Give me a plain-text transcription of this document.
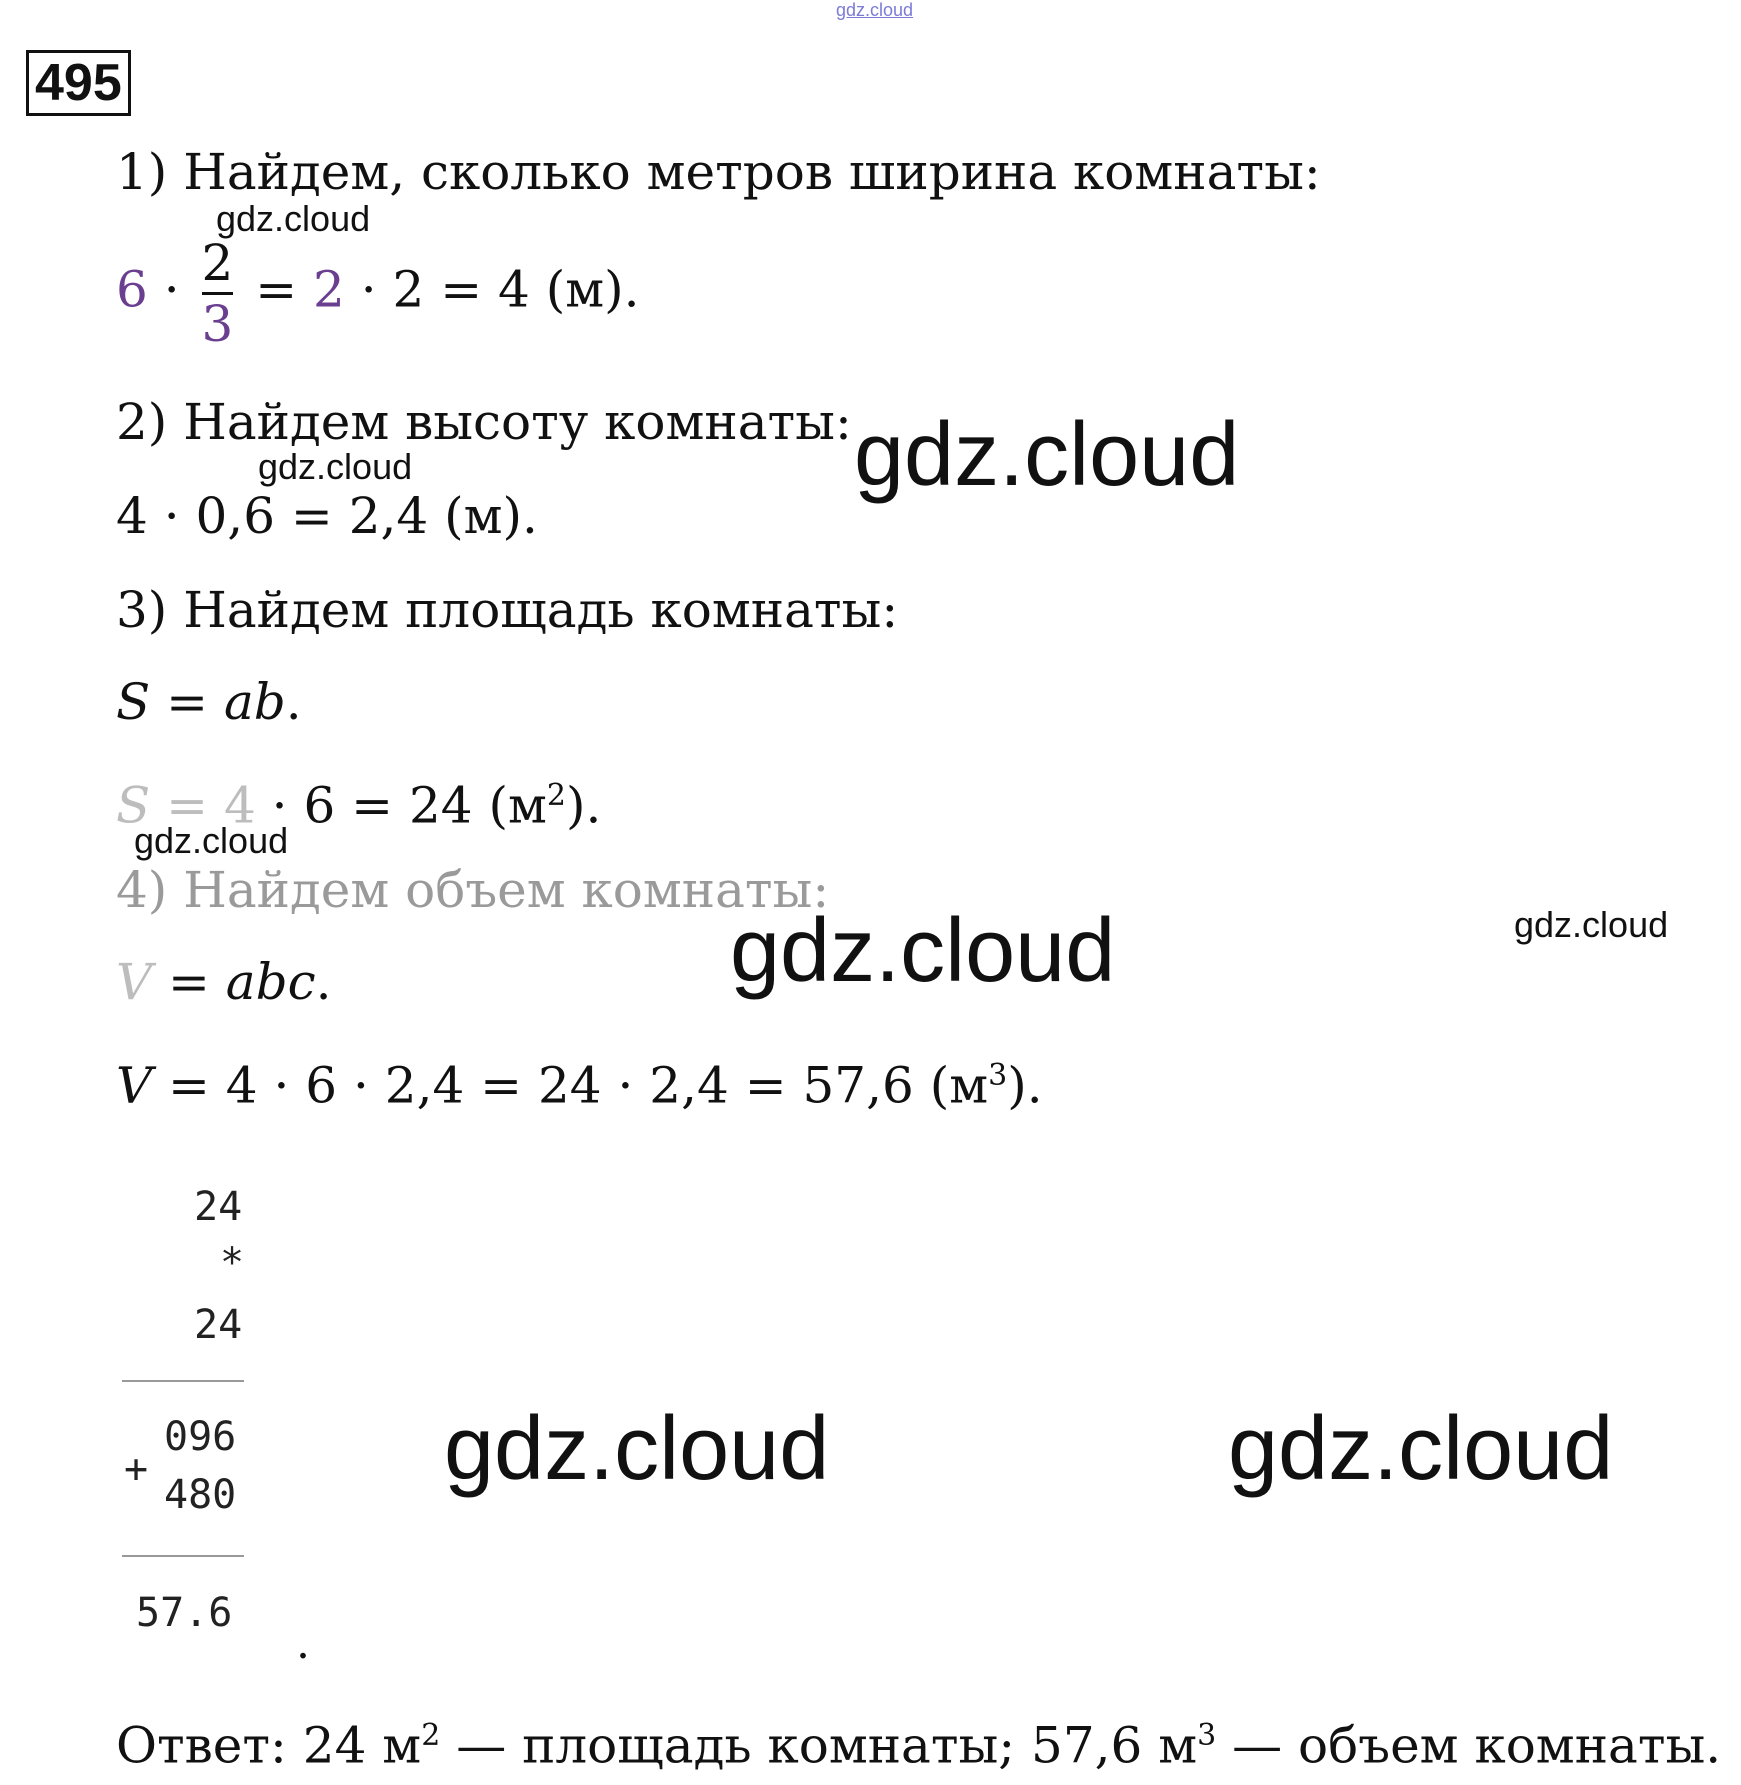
gdz.cloud
495
1) Найдем, сколько метров ширина комнаты:
$6 \cdot \frac{2}{3} = 2 \cdot 2 = 4$ (м).
2) Найдем высоту комнаты:
4 · 0,6 = 2,4 (м).
3) Найдем площадь комнаты:
S = ab.
S = 4 · 6 = 24 $(м^2)$.
4) Найдем объем комнаты:
V = abc.
V = 4 · 6 · 2,4 = 24 · 2,4 = 57,6 $(м^3)$.
24
*
24
+
096
480
57.6
.
Ответ: 24 $м^2$ — площадь комнаты; 57,6 $м^3$ — объем комнаты.
gdz.cloud
gdz.cloud
gdz.cloud
gdz.cloud
gdz.cloud
gdz.cloud
gdz.cloud	gdz.cloud
